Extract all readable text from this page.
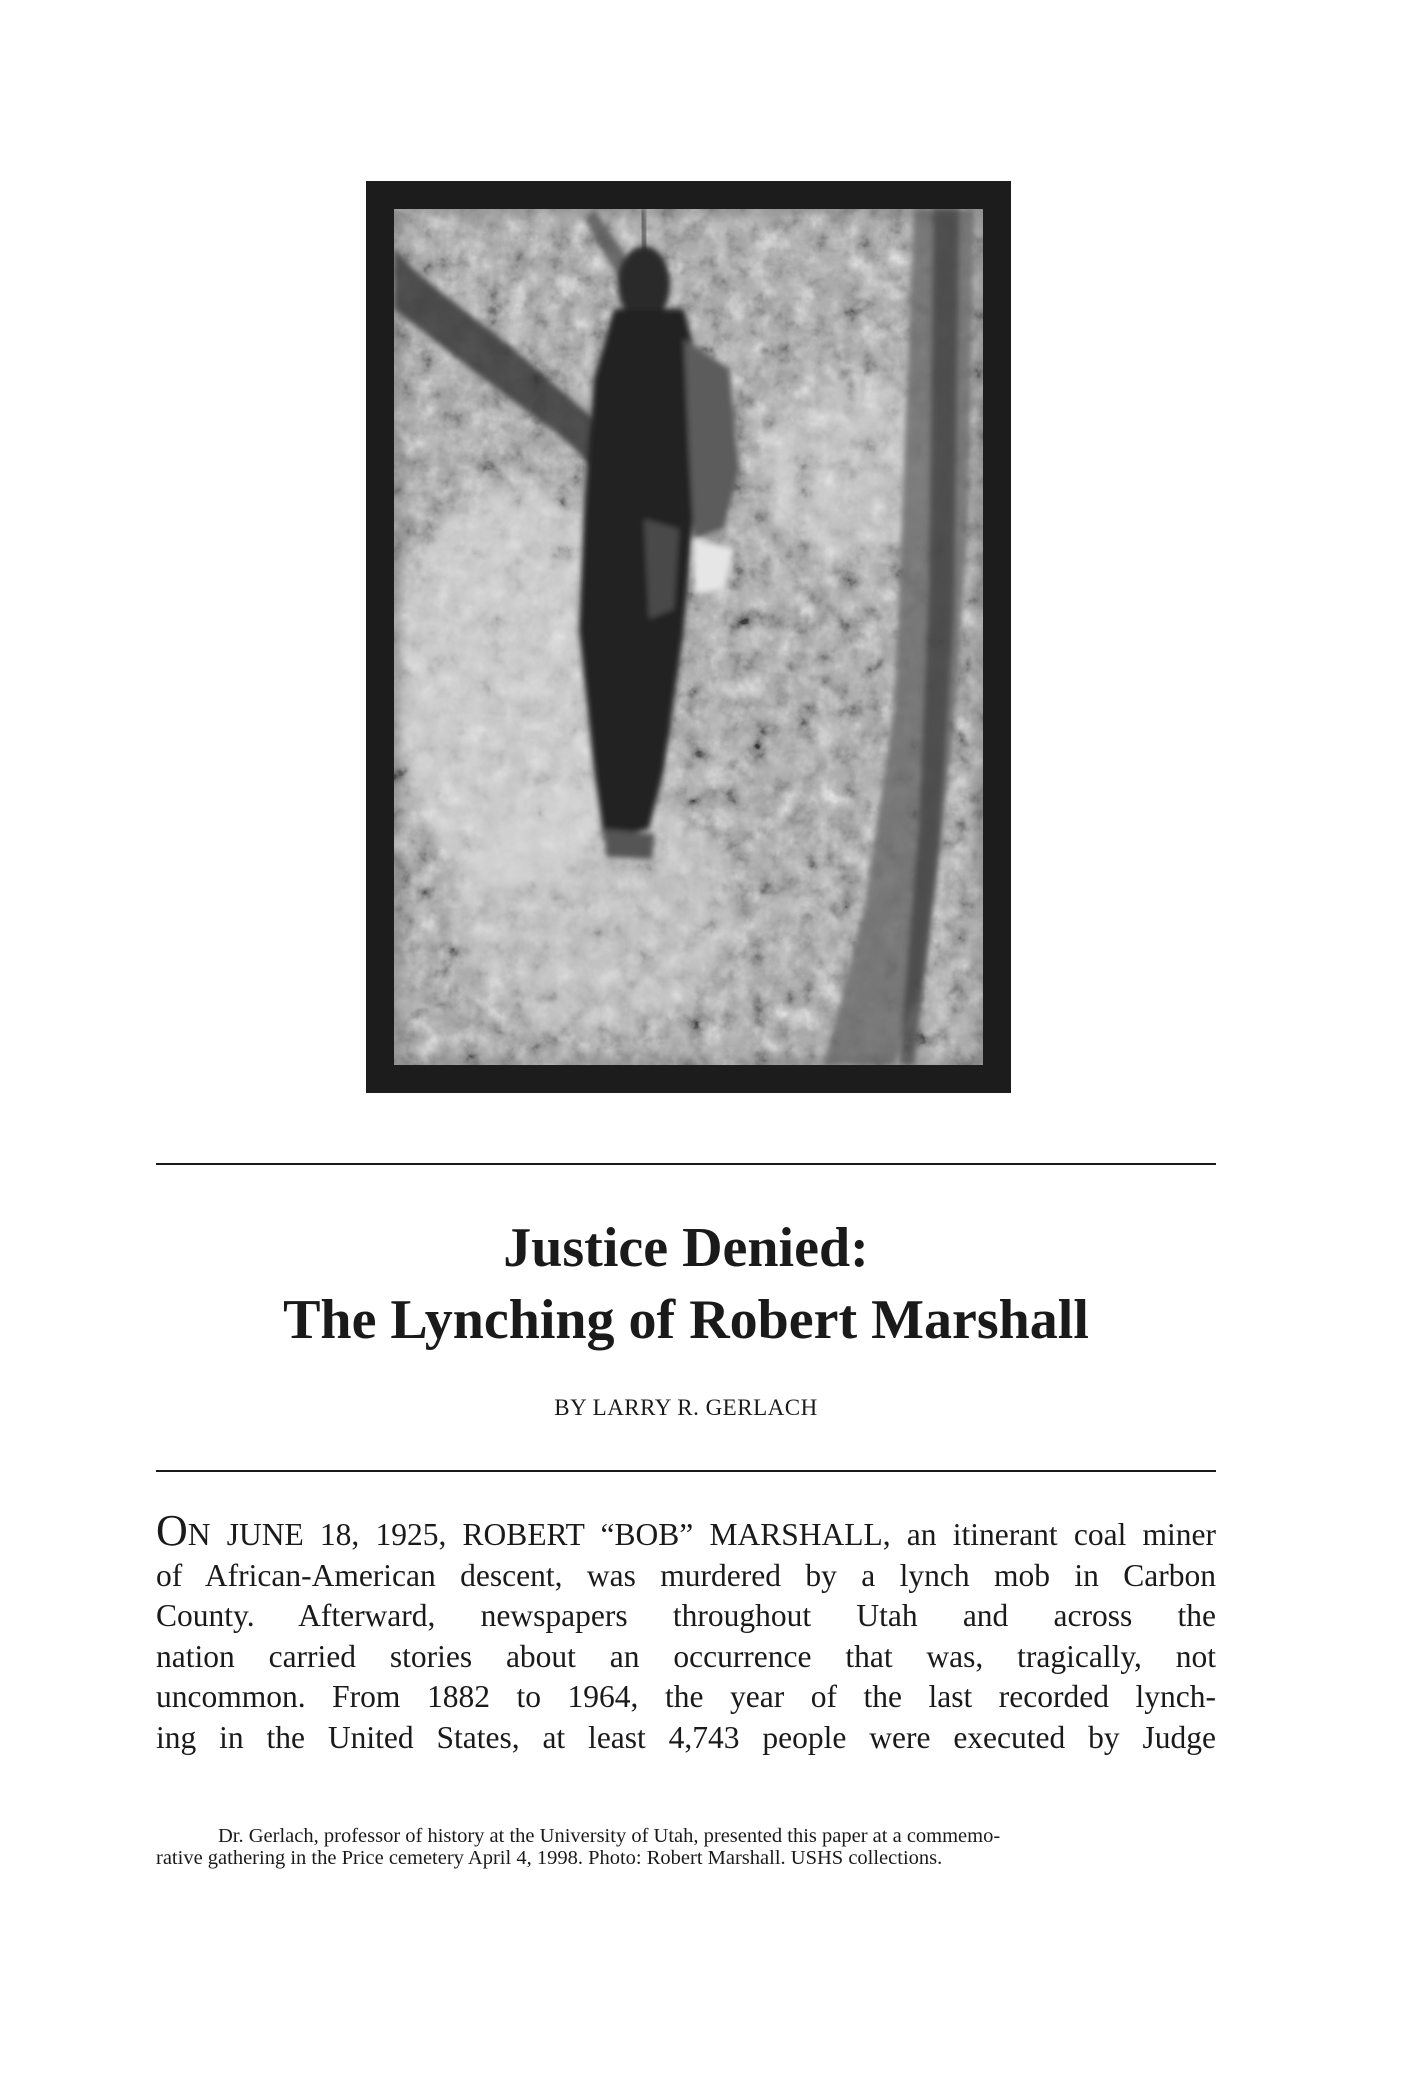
Justice Denied:
The Lynching of Robert Marshall
BY LARRY R. GERLACH
ON JUNE 18, 1925, ROBERT “BOB” MARSHALL, an itinerant coal miner
of African-American descent, was murdered by a lynch mob in Carbon
County. Afterward, newspapers throughout Utah and across the
nation carried stories about an occurrence that was, tragically, not
uncommon. From 1882 to 1964, the year of the last recorded lynch-
ing in the United States, at least 4,743 people were executed by Judge
Dr. Gerlach, professor of history at the University of Utah, presented this paper at a commemo-
rative gathering in the Price cemetery April 4, 1998. Photo: Robert Marshall. USHS collections.
